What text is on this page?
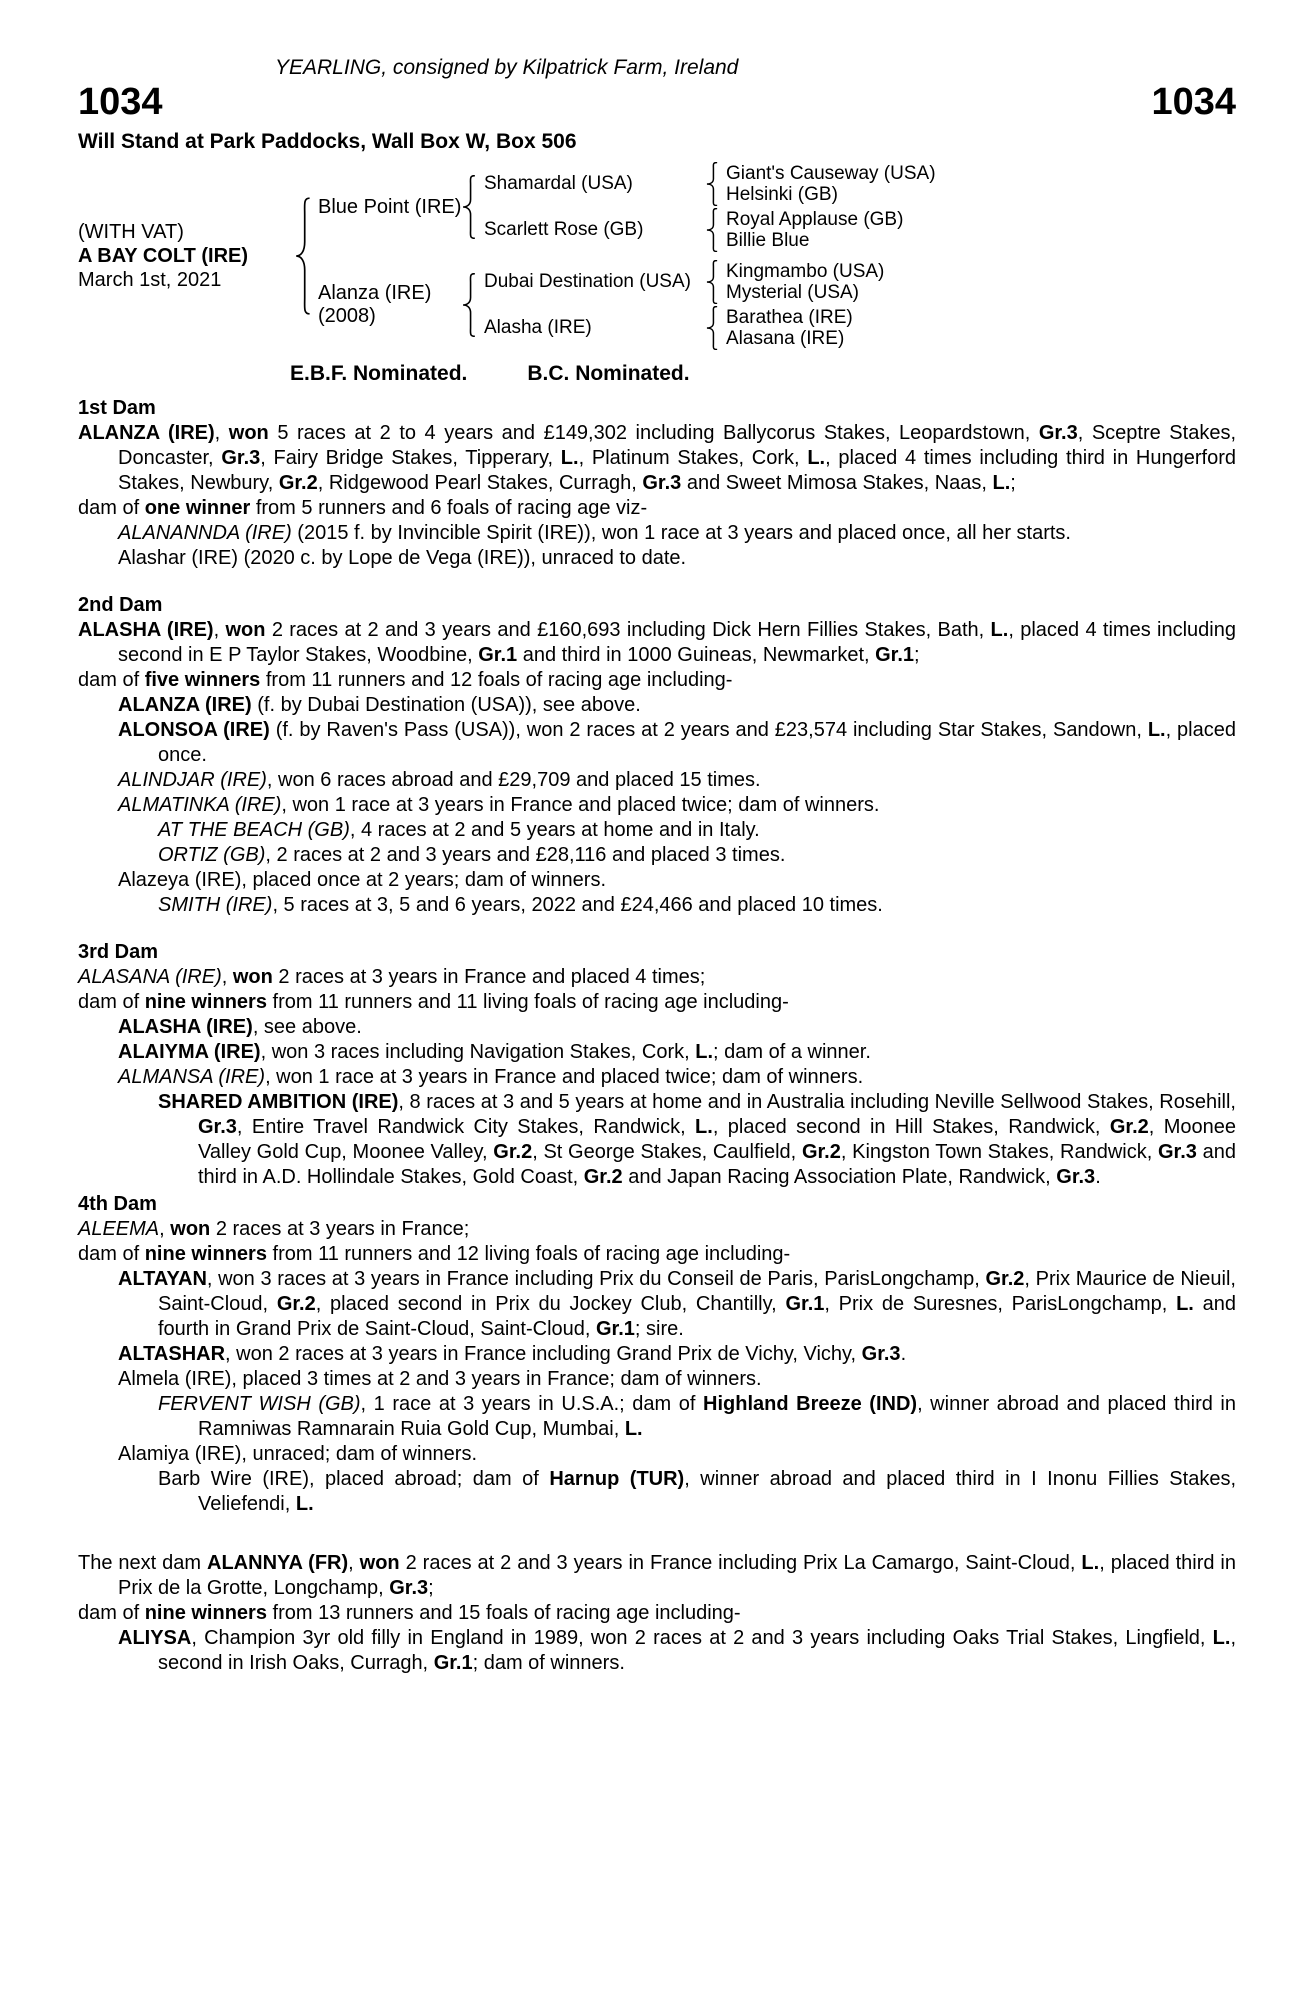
YEARLING, consigned by Kilpatrick Farm, Ireland
1034	1034
Will Stand at Park Paddocks, Wall Box W, Box 506
(WITH VAT)
A BAY COLT (IRE)
March 1st, 2021
Blue Point (IRE)
Shamardal (USA)	Giant's Causeway (USA)
Helsinki (GB)
Scarlett Rose (GB)	Royal Applause (GB)
Billie Blue
Alanza (IRE)
(2008)
Dubai Destination (USA)	Kingmambo (USA)
Mysterial (USA)
Alasha (IRE)	Barathea (IRE)
Alasana (IRE)
E.B.F. Nominated.	B.C. Nominated.
1st Dam
ALANZA (IRE), won 5 races at 2 to 4 years and £149,302 including Ballycorus Stakes, Leopardstown, Gr.3, Sceptre Stakes, Doncaster, Gr.3, Fairy Bridge Stakes, Tipperary, L., Platinum Stakes, Cork, L., placed 4 times including third in Hungerford Stakes, Newbury, Gr.2, Ridgewood Pearl Stakes, Curragh, Gr.3 and Sweet Mimosa Stakes, Naas, L.;
dam of one winner from 5 runners and 6 foals of racing age viz-
ALANANNDA (IRE) (2015 f. by Invincible Spirit (IRE)), won 1 race at 3 years and placed once, all her starts.
Alashar (IRE) (2020 c. by Lope de Vega (IRE)), unraced to date.
2nd Dam
ALASHA (IRE), won 2 races at 2 and 3 years and £160,693 including Dick Hern Fillies Stakes, Bath, L., placed 4 times including second in E P Taylor Stakes, Woodbine, Gr.1 and third in 1000 Guineas, Newmarket, Gr.1;
dam of five winners from 11 runners and 12 foals of racing age including-
ALANZA (IRE) (f. by Dubai Destination (USA)), see above.
ALONSOA (IRE) (f. by Raven's Pass (USA)), won 2 races at 2 years and £23,574 including Star Stakes, Sandown, L., placed once.
ALINDJAR (IRE), won 6 races abroad and £29,709 and placed 15 times.
ALMATINKA (IRE), won 1 race at 3 years in France and placed twice; dam of winners.
AT THE BEACH (GB), 4 races at 2 and 5 years at home and in Italy.
ORTIZ (GB), 2 races at 2 and 3 years and £28,116 and placed 3 times.
Alazeya (IRE), placed once at 2 years; dam of winners.
SMITH (IRE), 5 races at 3, 5 and 6 years, 2022 and £24,466 and placed 10 times.
3rd Dam
ALASANA (IRE), won 2 races at 3 years in France and placed 4 times;
dam of nine winners from 11 runners and 11 living foals of racing age including-
ALASHA (IRE), see above.
ALAIYMA (IRE), won 3 races including Navigation Stakes, Cork, L.; dam of a winner.
ALMANSA (IRE), won 1 race at 3 years in France and placed twice; dam of winners.
SHARED AMBITION (IRE), 8 races at 3 and 5 years at home and in Australia including Neville Sellwood Stakes, Rosehill, Gr.3, Entire Travel Randwick City Stakes, Randwick, L., placed second in Hill Stakes, Randwick, Gr.2, Moonee Valley Gold Cup, Moonee Valley, Gr.2, St George Stakes, Caulfield, Gr.2, Kingston Town Stakes, Randwick, Gr.3 and third in A.D. Hollindale Stakes, Gold Coast, Gr.2 and Japan Racing Association Plate, Randwick, Gr.3.
4th Dam
ALEEMA, won 2 races at 3 years in France;
dam of nine winners from 11 runners and 12 living foals of racing age including-
ALTAYAN, won 3 races at 3 years in France including Prix du Conseil de Paris, ParisLongchamp, Gr.2, Prix Maurice de Nieuil, Saint-Cloud, Gr.2, placed second in Prix du Jockey Club, Chantilly, Gr.1, Prix de Suresnes, ParisLongchamp, L. and fourth in Grand Prix de Saint-Cloud, Saint-Cloud, Gr.1; sire.
ALTASHAR, won 2 races at 3 years in France including Grand Prix de Vichy, Vichy, Gr.3.
Almela (IRE), placed 3 times at 2 and 3 years in France; dam of winners.
FERVENT WISH (GB), 1 race at 3 years in U.S.A.; dam of Highland Breeze (IND), winner abroad and placed third in Ramniwas Ramnarain Ruia Gold Cup, Mumbai, L.
Alamiya (IRE), unraced; dam of winners.
Barb Wire (IRE), placed abroad; dam of Harnup (TUR), winner abroad and placed third in I Inonu Fillies Stakes, Veliefendi, L.
The next dam ALANNYA (FR), won 2 races at 2 and 3 years in France including Prix La Camargo, Saint-Cloud, L., placed third in Prix de la Grotte, Longchamp, Gr.3;
dam of nine winners from 13 runners and 15 foals of racing age including-
ALIYSA, Champion 3yr old filly in England in 1989, won 2 races at 2 and 3 years including Oaks Trial Stakes, Lingfield, L., second in Irish Oaks, Curragh, Gr.1; dam of winners.
